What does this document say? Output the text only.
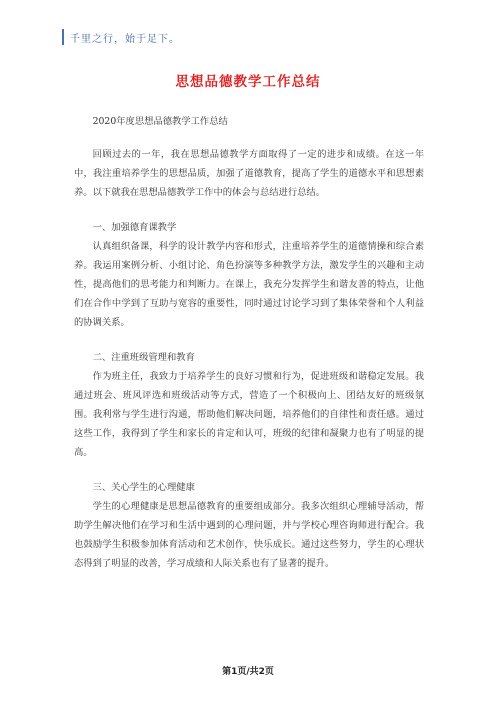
千里之行，始于足下。
思想品德教学工作总结

2020年度思想品德教学工作总结

回顾过去的一年，我在思想品德教学方面取得了一定的进步和成绩。在这一年中，我注重培养学生的思想品质，加强了道德教育，提高了学生的道德水平和思想素养。以下就我在思想品德教学工作中的体会与总结进行总结。

一、加强德育课教学

认真组织备课，科学的设计教学内容和形式，注重培养学生的道德情操和综合素养。我运用案例分析、小组讨论、角色扮演等多种教学方法，激发学生的兴趣和主动性，提高他们的思考能力和判断力。在课上，我充分发挥学生和谐友善的特点，让他们在合作中学到了互助与宽容的重要性，同时通过讨论学习到了集体荣誉和个人利益的协调关系。

二、注重班级管理和教育

作为班主任，我致力于培养学生的良好习惯和行为，促进班级和谐稳定发展。我通过班会、班风评选和班级活动等方式，营造了一个积极向上、团结友好的班级氛围。我利常与学生进行沟通，帮助他们解决问题，培养他们的自律性和责任感。通过这些工作，我得到了学生和家长的肯定和认可，班级的纪律和凝聚力也有了明显的提高。

三、关心学生的心理健康

学生的心理健康是思想品德教育的重要组成部分。我多次组织心理辅导活动，帮助学生解决他们在学习和生活中遇到的心理问题，并与学校心理咨询师进行配合。我也鼓励学生积极参加体育活动和艺术创作，快乐成长。通过这些努力，学生的心理状态得到了明显的改善，学习成绩和人际关系也有了显著的提升。

第1页/共2页
